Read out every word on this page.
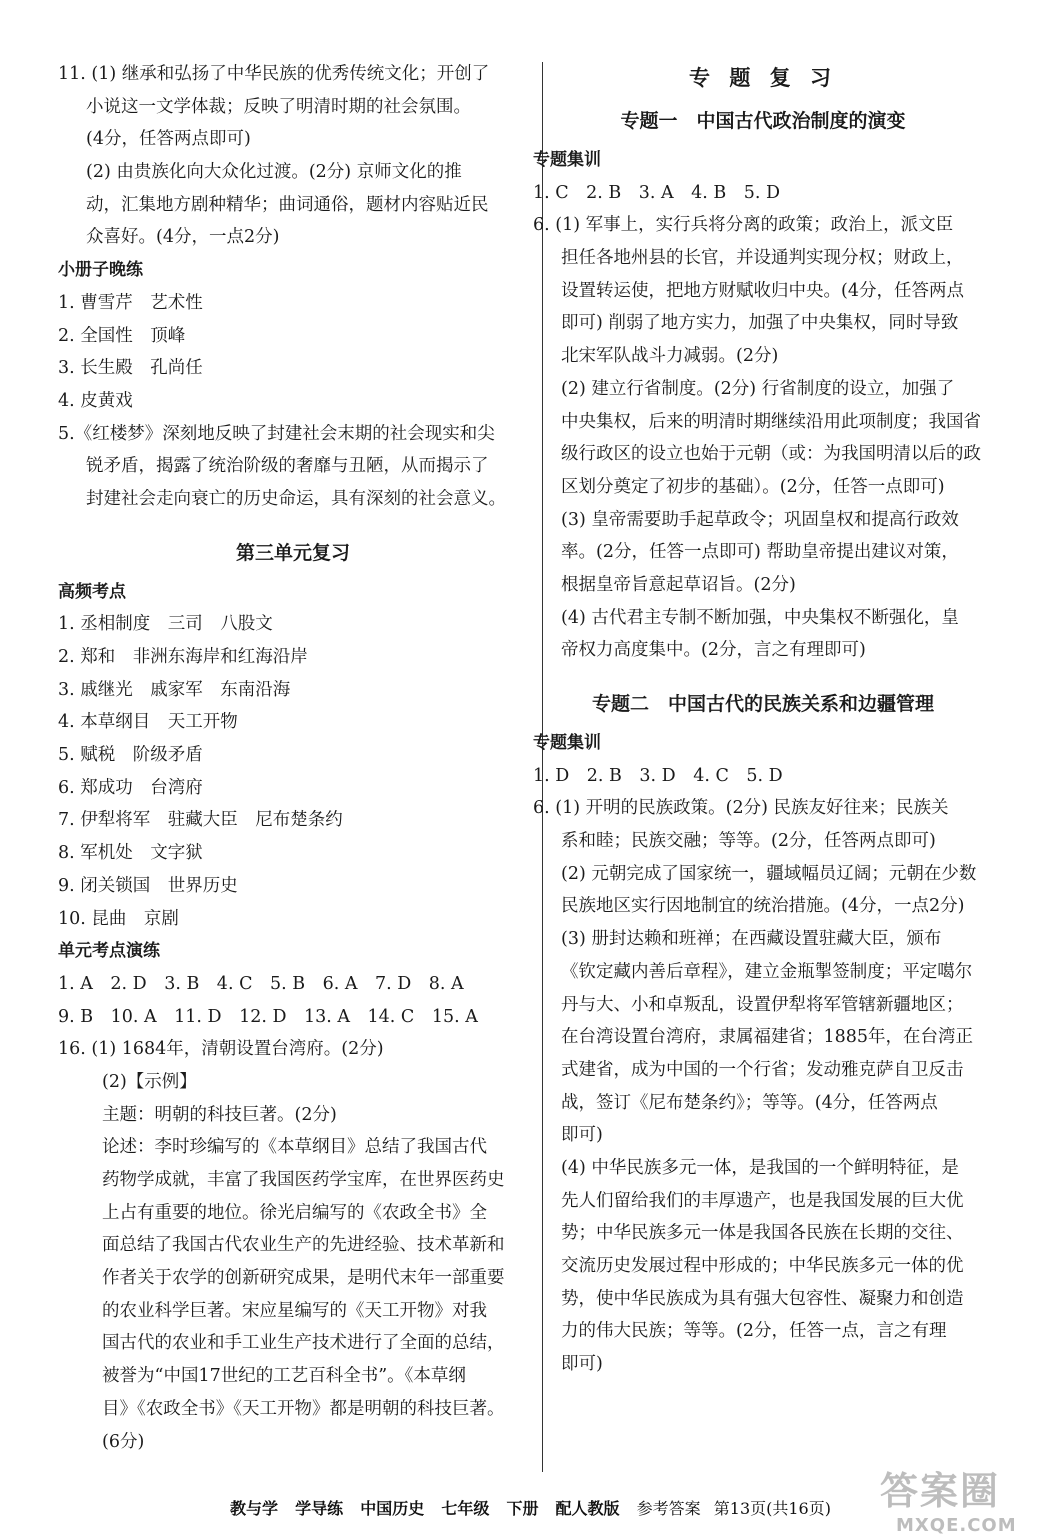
11. (1) 继承和弘扬了中华民族的优秀传统文化；开创了
小说这一文学体裁；反映了明清时期的社会氛围。
(4分，任答两点即可)
(2) 由贵族化向大众化过渡。(2分) 京师文化的推
动，汇集地方剧种精华；曲词通俗，题材内容贴近民
众喜好。(4分，一点2分)
小册子晚练
1. 曹雪芹　艺术性
2. 全国性　顶峰
3. 长生殿　孔尚任
4. 皮黄戏
5.《红楼梦》深刻地反映了封建社会末期的社会现实和尖
锐矛盾，揭露了统治阶级的奢靡与丑陋，从而揭示了
封建社会走向衰亡的历史命运，具有深刻的社会意义。
第三单元复习
高频考点
1. 丞相制度　三司　八股文
2. 郑和　非洲东海岸和红海沿岸
3. 戚继光　戚家军　东南沿海
4. 本草纲目　天工开物
5. 赋税　阶级矛盾
6. 郑成功　台湾府
7. 伊犁将军　驻藏大臣　尼布楚条约
8. 军机处　文字狱
9. 闭关锁国　世界历史
10. 昆曲　京剧
单元考点演练
1. A　2. D　3. B　4. C　5. B　6. A　7. D　8. A
9. B　10. A　11. D　12. D　13. A　14. C　15. A
16. (1) 1684年，清朝设置台湾府。(2分)
(2)【示例】
主题：明朝的科技巨著。(2分)
论述：李时珍编写的《本草纲目》总结了我国古代
药物学成就，丰富了我国医药学宝库，在世界医药史
上占有重要的地位。徐光启编写的《农政全书》全
面总结了我国古代农业生产的先进经验、技术革新和
作者关于农学的创新研究成果，是明代末年一部重要
的农业科学巨著。宋应星编写的《天工开物》对我
国古代的农业和手工业生产技术进行了全面的总结，
被誉为“中国17世纪的工艺百科全书”。《本草纲
目》《农政全书》《天工开物》都是明朝的科技巨著。
(6分)
专 题 复 习
专题一　中国古代政治制度的演变
专题集训
1. C　2. B　3. A　4. B　5. D
6. (1) 军事上，实行兵将分离的政策；政治上，派文臣
担任各地州县的长官，并设通判实现分权；财政上，
设置转运使，把地方财赋收归中央。(4分，任答两点
即可) 削弱了地方实力，加强了中央集权，同时导致
北宋军队战斗力减弱。(2分)
(2) 建立行省制度。(2分) 行省制度的设立，加强了
中央集权，后来的明清时期继续沿用此项制度；我国省
级行政区的设立也始于元朝（或：为我国明清以后的政
区划分奠定了初步的基础）。(2分，任答一点即可)
(3) 皇帝需要助手起草政令；巩固皇权和提高行政效
率。(2分，任答一点即可) 帮助皇帝提出建议对策，
根据皇帝旨意起草诏旨。(2分)
(4) 古代君主专制不断加强，中央集权不断强化，皇
帝权力高度集中。(2分，言之有理即可)
专题二　中国古代的民族关系和边疆管理
专题集训
1. D　2. B　3. D　4. C　5. D
6. (1) 开明的民族政策。(2分) 民族友好往来；民族关
系和睦；民族交融；等等。(2分，任答两点即可)
(2) 元朝完成了国家统一，疆域幅员辽阔；元朝在少数
民族地区实行因地制宜的统治措施。(4分，一点2分)
(3) 册封达赖和班禅；在西藏设置驻藏大臣，颁布
《钦定藏内善后章程》，建立金瓶掣签制度；平定噶尔
丹与大、小和卓叛乱，设置伊犁将军管辖新疆地区；
在台湾设置台湾府，隶属福建省；1885年，在台湾正
式建省，成为中国的一个行省；发动雅克萨自卫反击
战，签订《尼布楚条约》；等等。(4分，任答两点
即可)
(4) 中华民族多元一体，是我国的一个鲜明特征，是
先人们留给我们的丰厚遗产，也是我国发展的巨大优
势；中华民族多元一体是我国各民族在长期的交往、
交流历史发展过程中形成的；中华民族多元一体的优
势，使中华民族成为具有强大包容性、凝聚力和创造
力的伟大民族；等等。(2分，任答一点，言之有理
即可)
教与学 学导练 中国历史 七年级 下册 配人教版 参考答案 第13页(共16页) 答案圈
MXQE.COM
